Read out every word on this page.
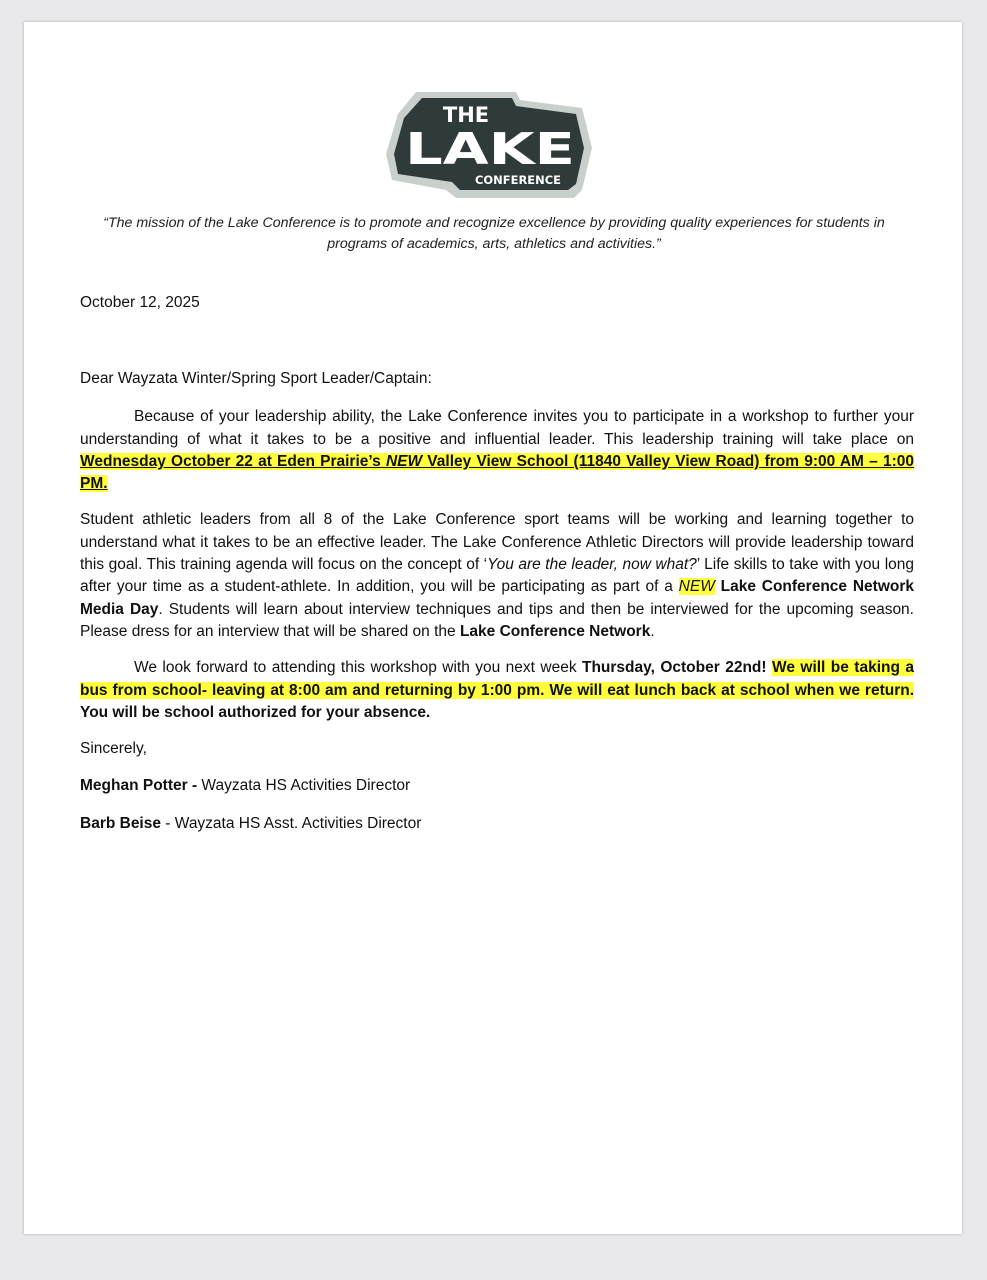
THE
LAKE
CONFERENCE
“The mission of the Lake Conference is to promote and recognize excellence by providing quality experiences for students in programs of academics, arts, athletics and activities.”
October 12, 2025

Dear Wayzata Winter/Spring Sport Leader/Captain:

Because of your leadership ability, the Lake Conference invites you to participate in a workshop to further your understanding of what it takes to be a positive and influential leader. This leadership training will take place on Wednesday October 22 at Eden Prairie’s NEW Valley View School (11840 Valley View Road) from 9:00 AM – 1:00 PM.

Student athletic leaders from all 8 of the Lake Conference sport teams will be working and learning together to understand what it takes to be an effective leader. The Lake Conference Athletic Directors will provide leadership toward this goal. This training agenda will focus on the concept of ‘You are the leader, now what?’ Life skills to take with you long after your time as a student-athlete. In addition, you will be participating as part of a NEW Lake Conference Network Media Day. Students will learn about interview techniques and tips and then be interviewed for the upcoming season. Please dress for an interview that will be shared on the Lake Conference Network.

We look forward to attending this workshop with you next week Thursday, October 22nd! We will be taking a bus from school- leaving at 8:00 am and returning by 1:00 pm. We will eat lunch back at school when we return. You will be school authorized for your absence.

Sincerely,

Meghan Potter - Wayzata HS Activities Director

Barb Beise - Wayzata HS Asst. Activities Director
